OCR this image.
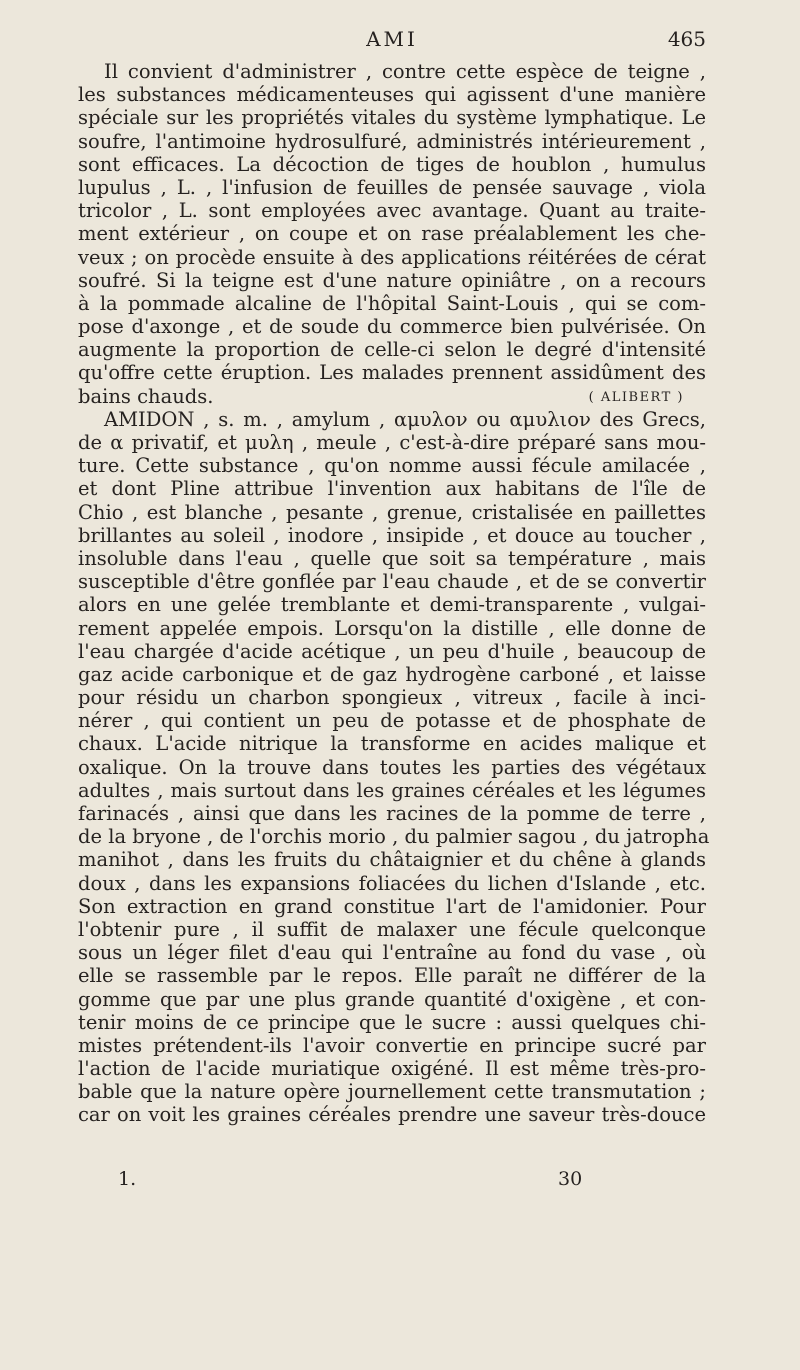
AMI	465
Il convient d'administrer , contre cette espèce de teigne ,
les substances médicamenteuses qui agissent d'une manière
spéciale sur les propriétés vitales du système lymphatique. Le
soufre, l'antimoine hydrosulfuré, administrés intérieurement ,
sont efficaces. La décoction de tiges de houblon , humulus
lupulus , L. , l'infusion de feuilles de pensée sauvage , viola
tricolor , L. sont employées avec avantage. Quant au traite-
ment extérieur , on coupe et on rase préalablement les che-
veux ; on procède ensuite à des applications réitérées de cérat
soufré. Si la teigne est d'une nature opiniâtre , on a recours
à la pommade alcaline de l'hôpital Saint-Louis , qui se com-
pose d'axonge , et de soude du commerce bien pulvérisée. On
augmente la proportion de celle-ci selon le degré d'intensité
qu'offre cette éruption. Les malades prennent assidûment des
bains chauds.	( ALIBERT )
AMIDON , s. m. , amylum , αμυλον ou αμυλιον des Grecs,
de α privatif, et μυλη , meule , c'est-à-dire préparé sans mou-
ture. Cette substance , qu'on nomme aussi fécule amilacée ,
et dont Pline attribue l'invention aux habitans de l'île de
Chio , est blanche , pesante , grenue, cristalisée en paillettes
brillantes au soleil , inodore , insipide , et douce au toucher ,
insoluble dans l'eau , quelle que soit sa température , mais
susceptible d'être gonflée par l'eau chaude , et de se convertir
alors en une gelée tremblante et demi-transparente , vulgai-
rement appelée empois. Lorsqu'on la distille , elle donne de
l'eau chargée d'acide acétique , un peu d'huile , beaucoup de
gaz acide carbonique et de gaz hydrogène carboné , et laisse
pour résidu un charbon spongieux , vitreux , facile à inci-
nérer , qui contient un peu de potasse et de phosphate de
chaux. L'acide nitrique la transforme en acides malique et
oxalique. On la trouve dans toutes les parties des végétaux
adultes , mais surtout dans les graines céréales et les légumes
farinacés , ainsi que dans les racines de la pomme de terre ,
de la bryone , de l'orchis morio , du palmier sagou , du jatropha
manihot , dans les fruits du châtaignier et du chêne à glands
doux , dans les expansions foliacées du lichen d'Islande , etc.
Son extraction en grand constitue l'art de l'amidonier. Pour
l'obtenir pure , il suffit de malaxer une fécule quelconque
sous un léger filet d'eau qui l'entraîne au fond du vase , où
elle se rassemble par le repos. Elle paraît ne différer de la
gomme que par une plus grande quantité d'oxigène , et con-
tenir moins de ce principe que le sucre : aussi quelques chi-
mistes prétendent-ils l'avoir convertie en principe sucré par
l'action de l'acide muriatique oxigéné. Il est même très-pro-
bable que la nature opère journellement cette transmutation ;
car on voit les graines céréales prendre une saveur très-douce
1.	30
